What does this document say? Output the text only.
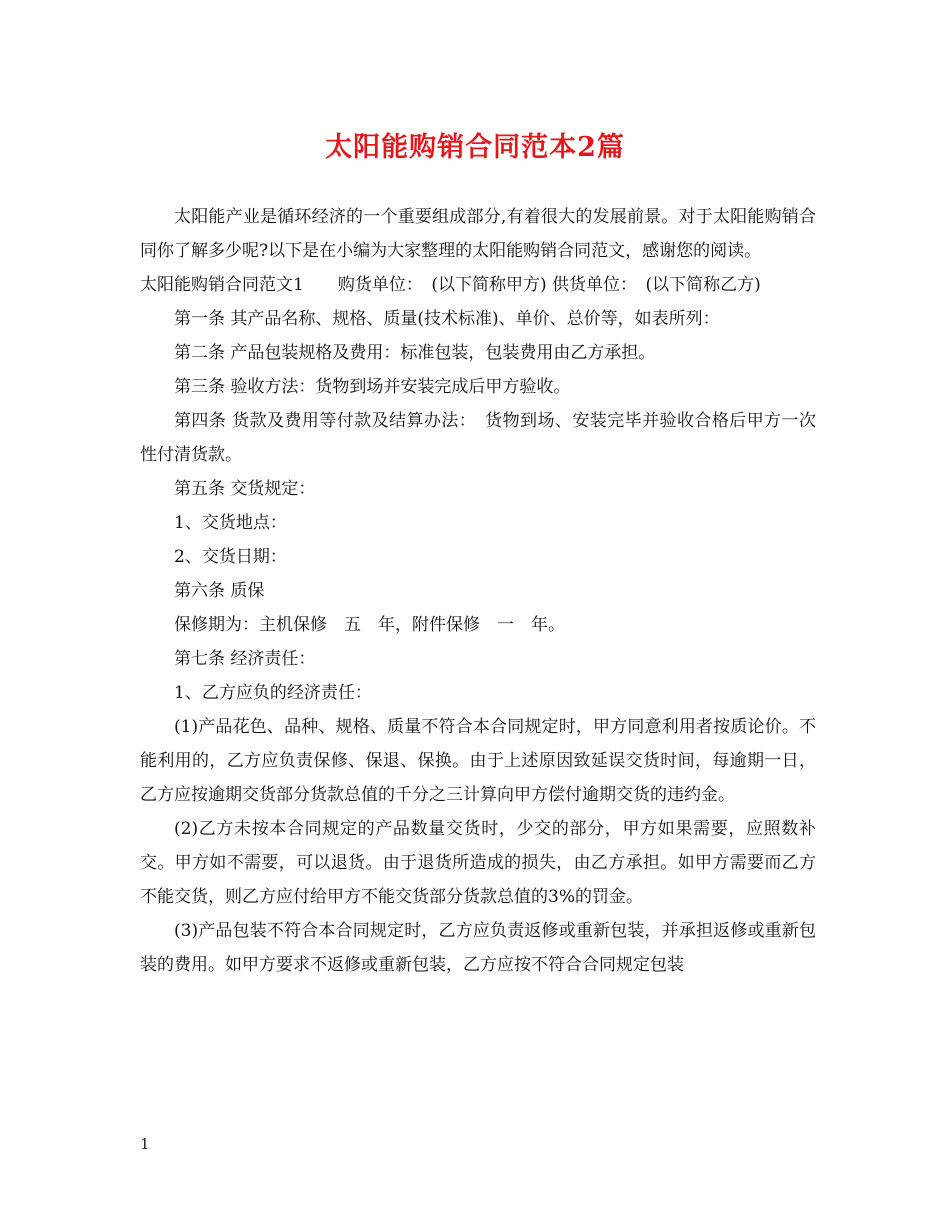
太阳能购销合同范本2篇

太阳能产业是循环经济的一个重要组成部分,有着很大的发展前景。对于太阳能购销合同你了解多少呢?以下是在小编为大家整理的太阳能购销合同范文，感谢您的阅读。

太阳能购销合同范文1　　购货单位：　(以下简称甲方) 供货单位：　(以下简称乙方)

第一条 其产品名称、规格、质量(技术标准)、单价、总价等，如表所列：

第二条 产品包装规格及费用：标准包装，包装费用由乙方承担。

第三条 验收方法：货物到场并安装完成后甲方验收。

第四条 货款及费用等付款及结算办法：　货物到场、安装完毕并验收合格后甲方一次性付清货款。

第五条 交货规定：

1、交货地点：

2、交货日期：

第六条 质保

保修期为：主机保修　五　年，附件保修　一　年。

第七条 经济责任：

1、乙方应负的经济责任：

(1)产品花色、品种、规格、质量不符合本合同规定时，甲方同意利用者按质论价。不能利用的，乙方应负责保修、保退、保换。由于上述原因致延误交货时间，每逾期一日，乙方应按逾期交货部分货款总值的千分之三计算向甲方偿付逾期交货的违约金。

(2)乙方未按本合同规定的产品数量交货时，少交的部分，甲方如果需要，应照数补交。甲方如不需要，可以退货。由于退货所造成的损失，由乙方承担。如甲方需要而乙方不能交货，则乙方应付给甲方不能交货部分货款总值的3%的罚金。

(3)产品包装不符合本合同规定时，乙方应负责返修或重新包装，并承担返修或重新包装的费用。如甲方要求不返修或重新包装，乙方应按不符合合同规定包装

1
